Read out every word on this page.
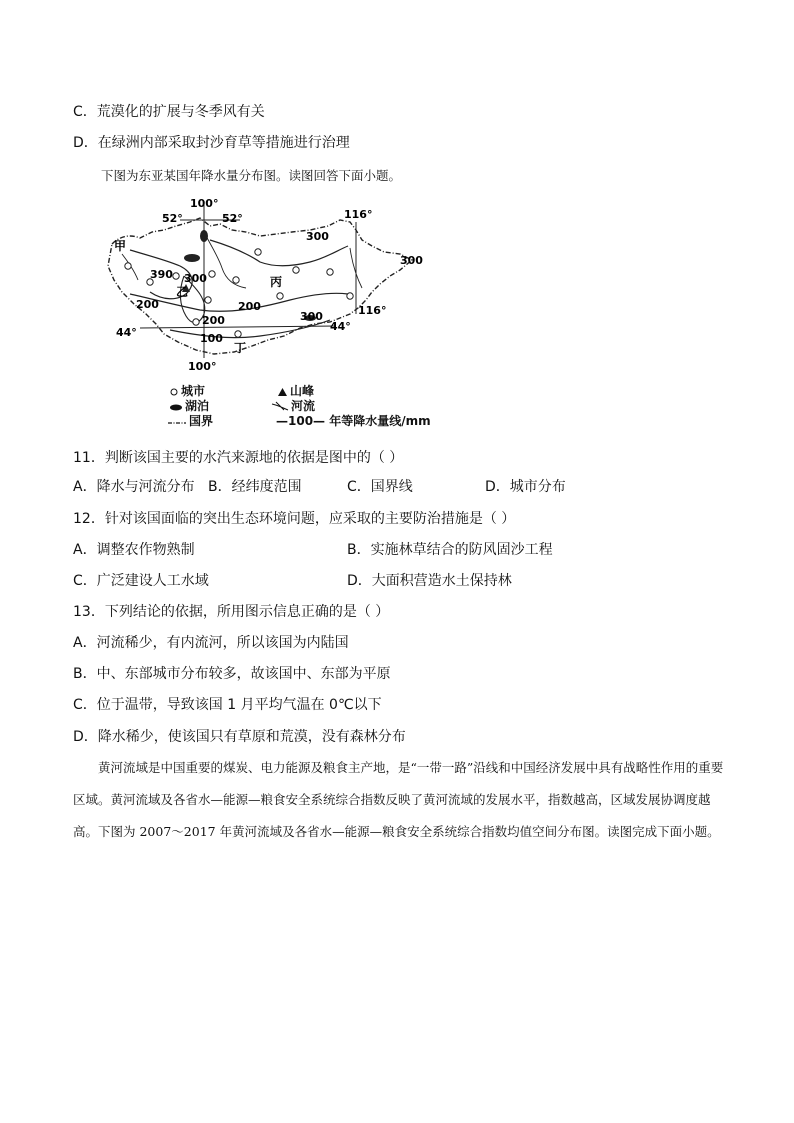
C．荒漠化的扩展与冬季风有关
D．在绿洲内部采取封沙育草等措施进行治理
下图为东亚某国年降水量分布图。读图回答下面小题。
100°
52°	52°	116°
116°
44°
44°
100°
300
300
300
200	200
200
100
390
300
甲
乙
丙
丁
城市	山峰
湖泊	河流
国界	—100— 年等降水量线/mm
11．判断该国主要的水汽来源地的依据是图中的（ ）
A．降水与河流分布 B．经纬度范围	C．国界线	D．城市分布
12．针对该国面临的突出生态环境问题，应采取的主要防治措施是（ ）
A．调整农作物熟制	B．实施林草结合的防风固沙工程
C．广泛建设人工水域	D．大面积营造水土保持林
13．下列结论的依据，所用图示信息正确的是（ ）
A．河流稀少，有内流河，所以该国为内陆国
B．中、东部城市分布较多，故该国中、东部为平原
C．位于温带，导致该国 1 月平均气温在 0℃以下
D．降水稀少，使该国只有草原和荒漠，没有森林分布
黄河流域是中国重要的煤炭、电力能源及粮食主产地，是“一带一路”沿线和中国经济发展中具有战略性作用的重要区域。黄河流域及各省水—能源—粮食安全系统综合指数反映了黄河流域的发展水平，指数越高，区域发展协调度越高。下图为 2007～2017 年黄河流域及各省水—能源—粮食安全系统综合指数均值空间分布图。读图完成下面小题。
